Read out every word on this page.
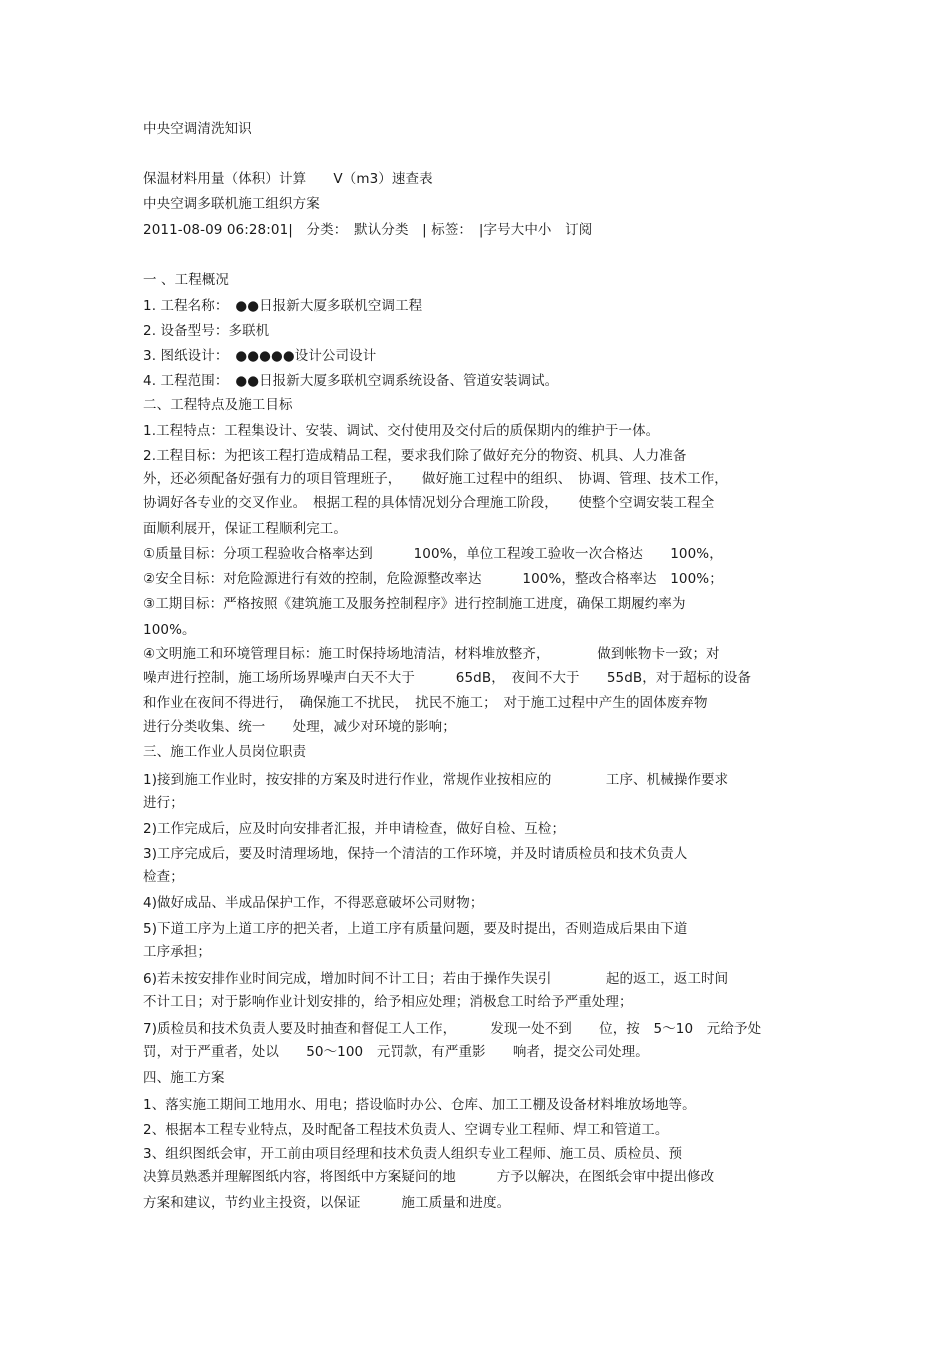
中央空调清洗知识
保温材料用量（体积）计算　　V（m3）速查表
中央空调多联机施工组织方案
2011-08-09 06:28:01|　分类：　默认分类　| 标签：　|字号大中小　订阅
一 、工程概况
1. 工程名称：　●●日报新大厦多联机空调工程
2. 设备型号：多联机
3. 图纸设计：　●●●●●设计公司设计
4. 工程范围：　●●日报新大厦多联机空调系统设备、管道安装调试。
二、工程特点及施工目标
1.工程特点：工程集设计、安装、调试、交付使用及交付后的质保期内的维护于一体。
2.工程目标：为把该工程打造成精品工程，要求我们除了做好充分的物资、机具、人力准备
外，还必须配备好强有力的项目管理班子，　　做好施工过程中的组织、　协调、管理、技术工作，
协调好各专业的交叉作业。　根据工程的具体情况划分合理施工阶段，　　使整个空调安装工程全
面顺利展开，保证工程顺利完工。
①质量目标：分项工程验收合格率达到　　　100%，单位工程竣工验收一次合格达　　100%，
②安全目标：对危险源进行有效的控制，危险源整改率达　　　100%，整改合格率达　100%；
③工期目标：严格按照《建筑施工及服务控制程序》进行控制施工进度，确保工期履约率为
100%。
④文明施工和环境管理目标：施工时保持场地清洁，材料堆放整齐，　　　　做到帐物卡一致；对
噪声进行控制，施工场所场界噪声白天不大于　　　65dB，　夜间不大于　　55dB，对于超标的设备
和作业在夜间不得进行，　确保施工不扰民，　扰民不施工；　对于施工过程中产生的固体废弃物
进行分类收集、统一　　处理，减少对环境的影响；
三、施工作业人员岗位职责
1)接到施工作业时，按安排的方案及时进行作业，常规作业按相应的　　　　工序、机械操作要求
进行；
2)工作完成后，应及时向安排者汇报，并申请检查，做好自检、互检；
3)工序完成后，要及时清理场地，保持一个清洁的工作环境，并及时请质检员和技术负责人
检查；
4)做好成品、半成品保护工作，不得恶意破坏公司财物；
5)下道工序为上道工序的把关者，上道工序有质量问题，要及时提出，否则造成后果由下道
工序承担；
6)若未按安排作业时间完成，增加时间不计工日；若由于操作失误引　　　　起的返工，返工时间
不计工日；对于影响作业计划安排的，给予相应处理；消极怠工时给予严重处理；
7)质检员和技术负责人要及时抽查和督促工人工作，　　　发现一处不到　　位，按　5～10　元给予处
罚，对于严重者，处以　　50～100　元罚款，有严重影　　响者，提交公司处理。
四、施工方案
1、落实施工期间工地用水、用电；搭设临时办公、仓库、加工工棚及设备材料堆放场地等。
2、根据本工程专业特点，及时配备工程技术负责人、空调专业工程师、焊工和管道工。
3、组织图纸会审，开工前由项目经理和技术负责人组织专业工程师、施工员、质检员、预
决算员熟悉并理解图纸内容，将图纸中方案疑问的地　　　方予以解决，在图纸会审中提出修改
方案和建议，节约业主投资，以保证　　　施工质量和进度。
